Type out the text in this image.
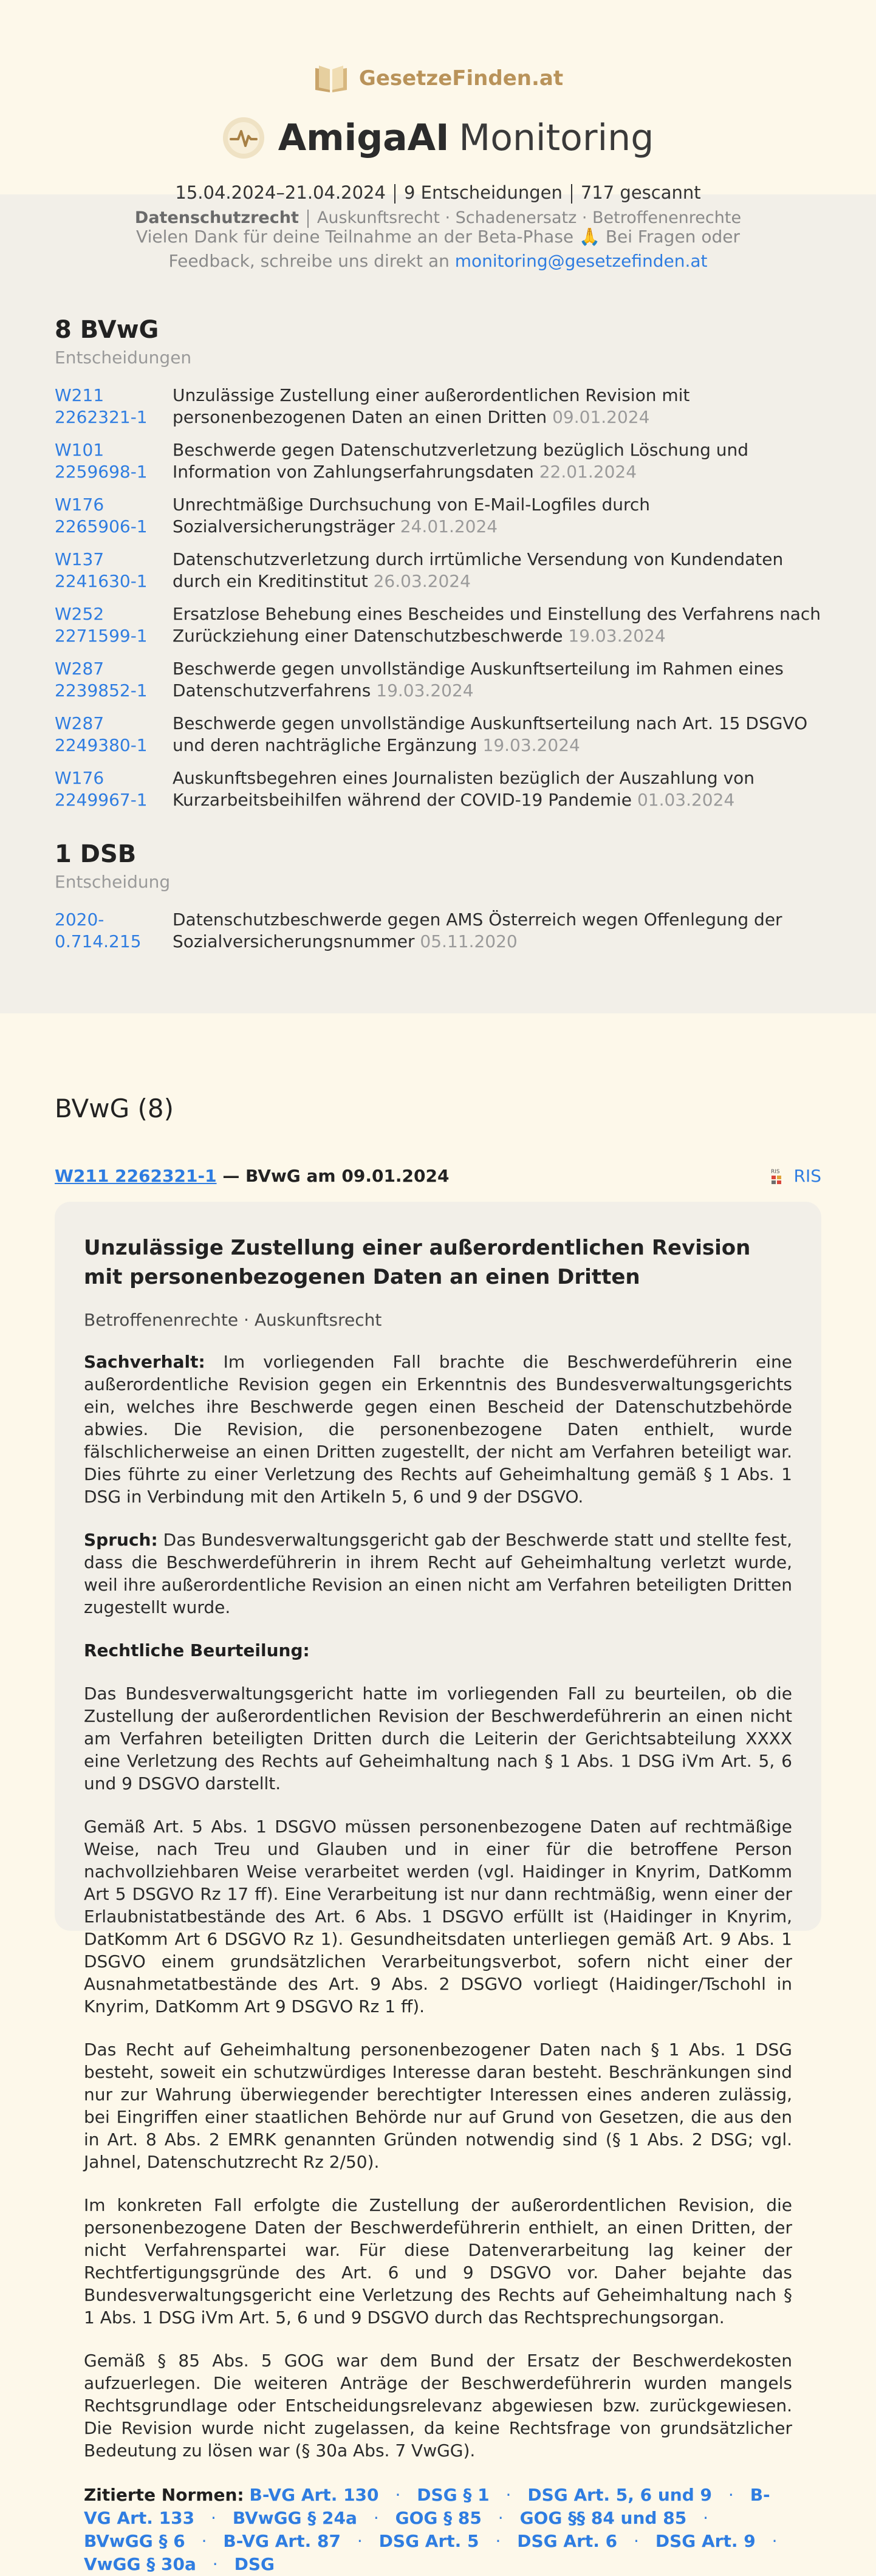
GesetzeFinden.at
AmigaAI Monitoring
15.04.2024–21.04.2024 9 Entscheidungen 717 gescannt
Datenschutzrecht Auskunftsrecht · Schadenersatz · Betroffenenrechte
Vielen Dank für deine Teilnahme an der Beta-Phase 🙏 Bei Fragen oder Feedback, schreibe uns direkt an monitoring@gesetzefinden.at
8 BVwG
Entscheidungen
W211
2262321-1
Unzulässige Zustellung einer außerordentlichen Revision mit personenbezogenen Daten an einen Dritten 09.01.2024
W101
2259698-1
Beschwerde gegen Datenschutzverletzung bezüglich Löschung und Information von Zahlungserfahrungsdaten 22.01.2024
W176
2265906-1
Unrechtmäßige Durchsuchung von E-Mail-Logfiles durch Sozialversicherungsträger 24.01.2024
W137
2241630-1
Datenschutzverletzung durch irrtümliche Versendung von Kundendaten durch ein Kreditinstitut 26.03.2024
W252
2271599-1
Ersatzlose Behebung eines Bescheides und Einstellung des Verfahrens nach Zurückziehung einer Datenschutzbeschwerde 19.03.2024
W287
2239852-1
Beschwerde gegen unvollständige Auskunftserteilung im Rahmen eines Datenschutzverfahrens 19.03.2024
W287
2249380-1
Beschwerde gegen unvollständige Auskunftserteilung nach Art. 15 DSGVO und deren nachträgliche Ergänzung 19.03.2024
W176
2249967-1
Auskunftsbegehren eines Journalisten bezüglich der Auszahlung von Kurzarbeitsbeihilfen während der COVID-19 Pandemie 01.03.2024
1 DSB
Entscheidung
2020-
0.714.215
Datenschutzbeschwerde gegen AMS Österreich wegen Offenlegung der Sozialversicherungsnummer 05.11.2020
BVwG (8)
W211 2262321-1 — BVwG am 09.01.2024	RIS RIS
Unzulässige Zustellung einer außerordentlichen Revision mit personenbezogenen Daten an einen Dritten
Betroffenenrechte · Auskunftsrecht
Sachverhalt: Im vorliegenden Fall brachte die Beschwerdeführerin eine außerordentliche Revision gegen ein Erkenntnis des Bundesverwaltungsgerichts ein, welches ihre Beschwerde gegen einen Bescheid der Datenschutzbehörde abwies. Die Revision, die personenbezogene Daten enthielt, wurde fälschlicherweise an einen Dritten zugestellt, der nicht am Verfahren beteiligt war. Dies führte zu einer Verletzung des Rechts auf Geheimhaltung gemäß § 1 Abs. 1 DSG in Verbindung mit den Artikeln 5, 6 und 9 der DSGVO.
Spruch: Das Bundesverwaltungsgericht gab der Beschwerde statt und stellte fest, dass die Beschwerdeführerin in ihrem Recht auf Geheimhaltung verletzt wurde, weil ihre außerordentliche Revision an einen nicht am Verfahren beteiligten Dritten zugestellt wurde.
Rechtliche Beurteilung:
Das Bundesverwaltungsgericht hatte im vorliegenden Fall zu beurteilen, ob die Zustellung der außerordentlichen Revision der Beschwerdeführerin an einen nicht am Verfahren beteiligten Dritten durch die Leiterin der Gerichtsabteilung XXXX eine Verletzung des Rechts auf Geheimhaltung nach § 1 Abs. 1 DSG iVm Art. 5, 6 und 9 DSGVO darstellt.
Gemäß Art. 5 Abs. 1 DSGVO müssen personenbezogene Daten auf rechtmäßige Weise, nach Treu und Glauben und in einer für die betroffene Person nachvollziehbaren Weise verarbeitet werden (vgl. Haidinger in Knyrim, DatKomm Art 5 DSGVO Rz 17 ff). Eine Verarbeitung ist nur dann rechtmäßig, wenn einer der Erlaubnistatbestände des Art. 6 Abs. 1 DSGVO erfüllt ist (Haidinger in Knyrim, DatKomm Art 6 DSGVO Rz 1). Gesundheitsdaten unterliegen gemäß Art. 9 Abs. 1 DSGVO einem grundsätzlichen Verarbeitungsverbot, sofern nicht einer der Ausnahmetatbestände des Art. 9 Abs. 2 DSGVO vorliegt (Haidinger/Tschohl in Knyrim, DatKomm Art 9 DSGVO Rz 1 ff).
Das Recht auf Geheimhaltung personenbezogener Daten nach § 1 Abs. 1 DSG besteht, soweit ein schutzwürdiges Interesse daran besteht. Beschränkungen sind nur zur Wahrung überwiegender berechtigter Interessen eines anderen zulässig, bei Eingriffen einer staatlichen Behörde nur auf Grund von Gesetzen, die aus den in Art. 8 Abs. 2 EMRK genannten Gründen notwendig sind (§ 1 Abs. 2 DSG; vgl. Jahnel, Datenschutzrecht Rz 2/50).
Im konkreten Fall erfolgte die Zustellung der außerordentlichen Revision, die personenbezogene Daten der Beschwerdeführerin enthielt, an einen Dritten, der nicht Verfahrenspartei war. Für diese Datenverarbeitung lag keiner der Rechtfertigungsgründe des Art. 6 und 9 DSGVO vor. Daher bejahte das Bundesverwaltungsgericht eine Verletzung des Rechts auf Geheimhaltung nach § 1 Abs. 1 DSG iVm Art. 5, 6 und 9 DSGVO durch das Rechtsprechungsorgan.
Gemäß § 85 Abs. 5 GOG war dem Bund der Ersatz der Beschwerdekosten aufzuerlegen. Die weiteren Anträge der Beschwerdeführerin wurden mangels Rechtsgrundlage oder Entscheidungsrelevanz abgewiesen bzw. zurückgewiesen. Die Revision wurde nicht zugelassen, da keine Rechtsfrage von grundsätzlicher Bedeutung zu lösen war (§ 30a Abs. 7 VwGG).
Zitierte Normen: B-VG Art. 130 · DSG § 1 · DSG Art. 5, 6 und 9 · B-VG Art. 133 · BVwGG § 24a · GOG § 85 · GOG §§ 84 und 85 · BVwGG § 6 · B-VG Art. 87 · DSG Art. 5 · DSG Art. 6 · DSG Art. 9 · VwGG § 30a · DSG
